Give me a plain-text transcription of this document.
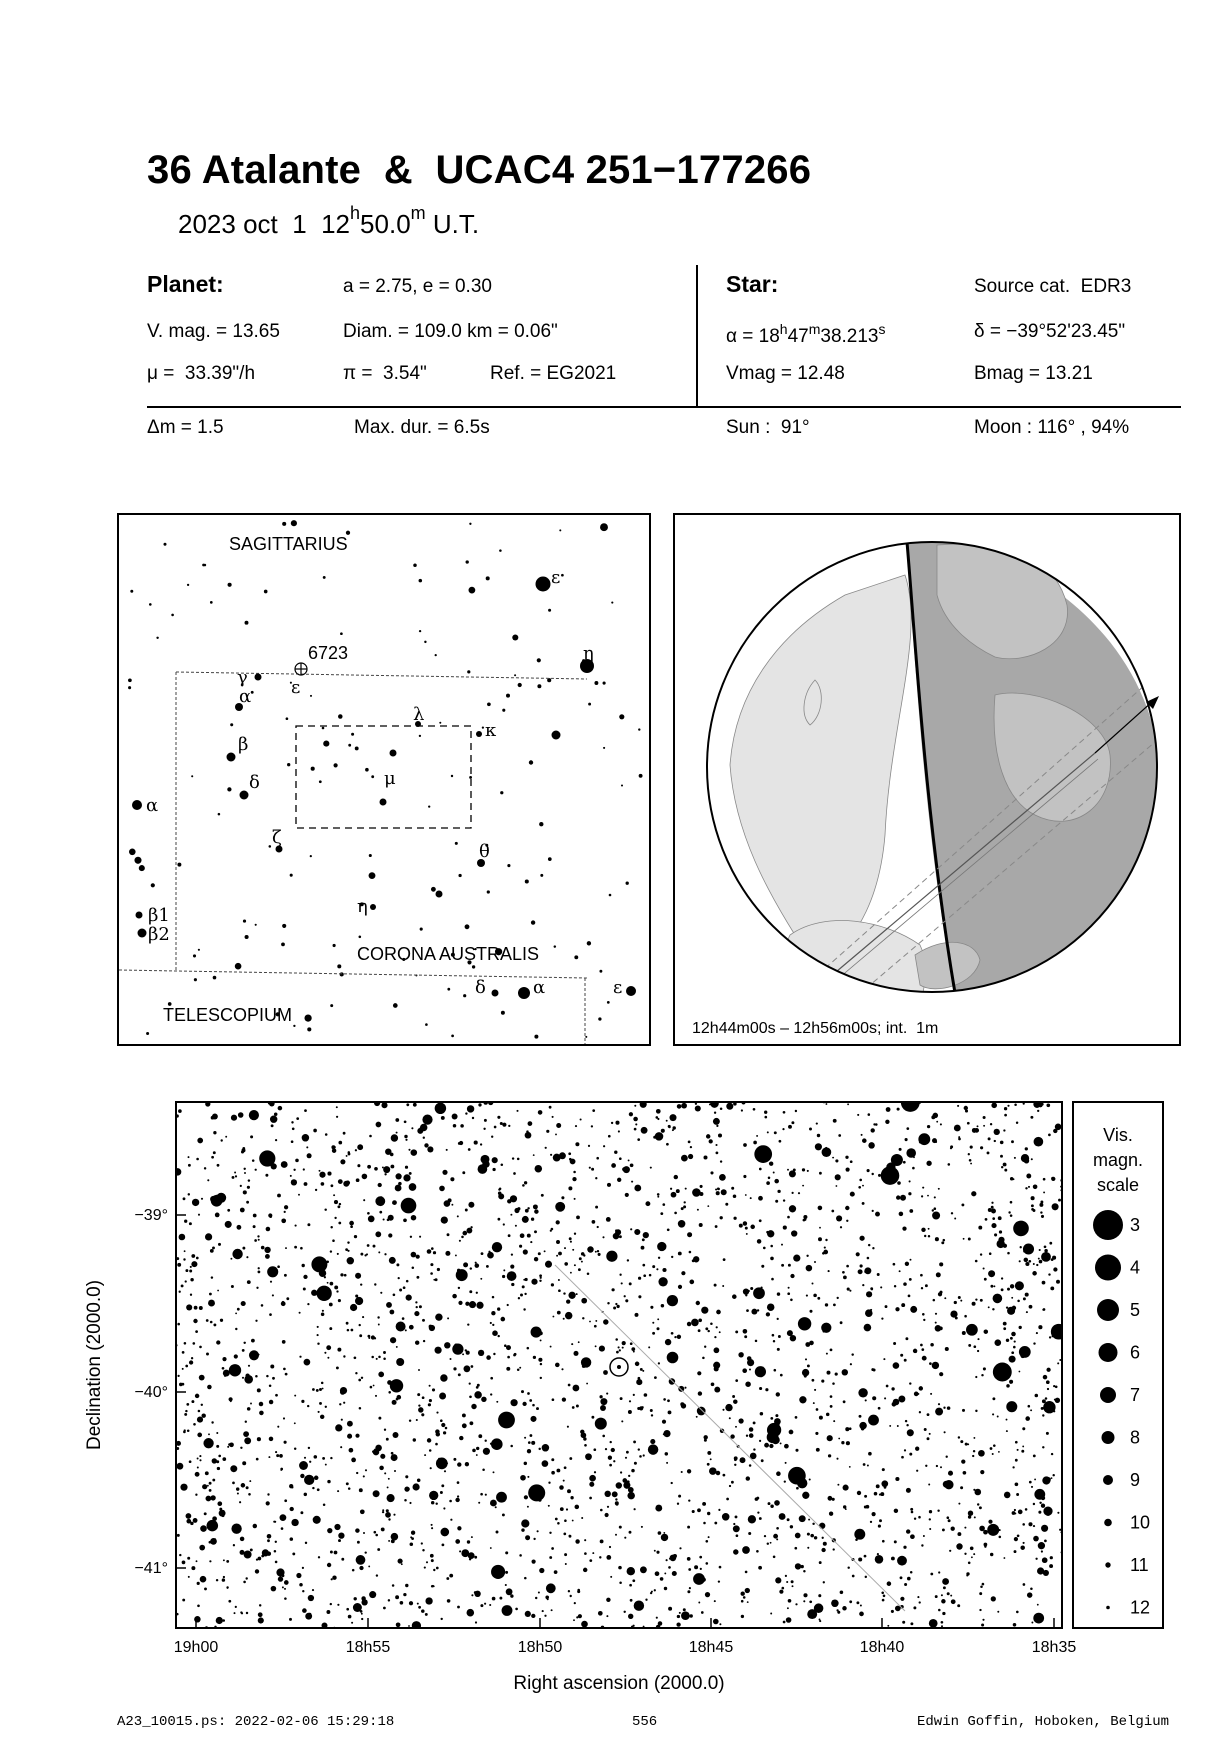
36 Atalante  &  UCAC4 251−177266
2023 oct  1  12$^h$50.0$^m$ U.T.
Planet:	a = 2.75, e = 0.30
V. mag. = 13.65	Diam. = 109.0 km = 0.06"
μ =  33.39"/h	π =  3.54"	Ref. = EG2021
Star:	Source cat.  EDR3
$\alpha = 18^h47^m38.213^s$	δ = −39°52'23.45"
Vmag = 12.48	Bmag = 13.21
Δm = 1.5	Max. dur. = 6.5s	Sun :  91°	Moon : 116° , 94%
SAGITTARIUS
CORONA AUSTRALIS
TELESCOPIUM
6723
ε
η
γ
α ε
λ
κ
β
δ	μ
α
ζ
θ
η
β1
β2
δ	α	ε
12h44m00s – 12h56m00s; int.  1m
19h00	18h55	18h50	18h45	18h40	18h35
−39°
−40°
−41°
Declination (2000.0)
Right ascension (2000.0)
Vis.
magn.
scale
3
4
5
6
7
8
9
10
11
12
A23_10015.ps: 2022-02-06 15:29:18	556	Edwin Goffin, Hoboken, Belgium
